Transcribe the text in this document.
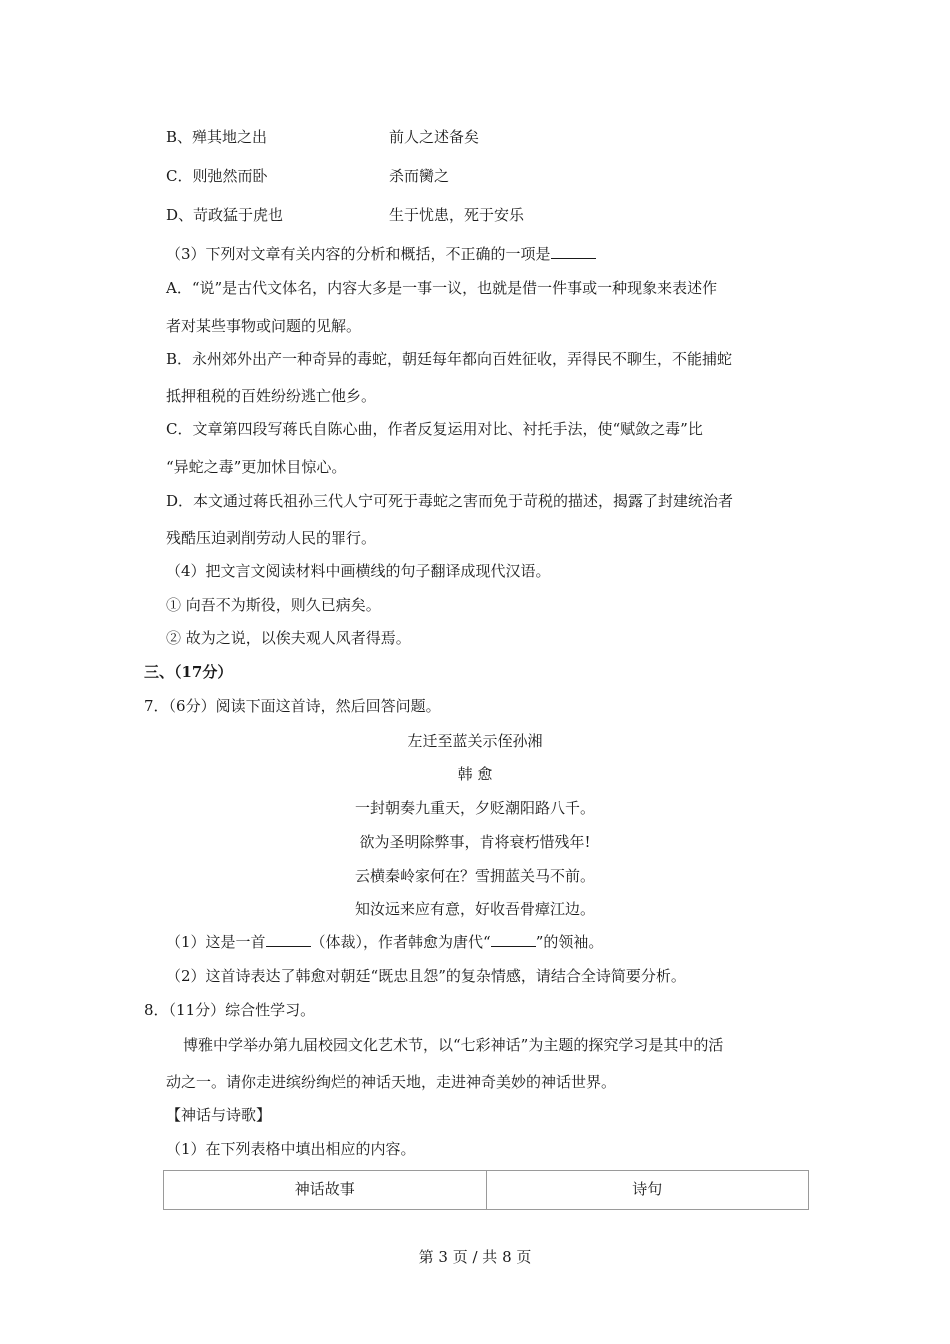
B、殚其地之出	前人之述备矣
C．则弛然而卧	杀而臠之
D、苛政猛于虎也	生于忧患，死于安乐
（3）下列对文章有关内容的分析和概括，不正确的一项是
A．“说”是古代文体名，内容大多是一事一议，也就是借一件事或一种现象来表述作
者对某些事物或问题的见解。
B．永州郊外出产一种奇异的毒蛇，朝廷每年都向百姓征收，弄得民不聊生，不能捕蛇
抵押租税的百姓纷纷逃亡他乡。
C．文章第四段写蒋氏自陈心曲，作者反复运用对比、衬托手法，使“赋敛之毒”比
“异蛇之毒”更加怵目惊心。
D．本文通过蒋氏祖孙三代人宁可死于毒蛇之害而免于苛税的描述，揭露了封建统治者
残酷压迫剥削劳动人民的罪行。
（4）把文言文阅读材料中画横线的句子翻译成现代汉语。
① 向吾不为斯役，则久已病矣。
② 故为之说，以俟夫观人风者得焉。
三、（17分）
7．（6分）阅读下面这首诗，然后回答问题。
左迁至蓝关示侄孙湘
韩 愈
一封朝奏九重天，夕贬潮阳路八千。
欲为圣明除弊事，肯将衰朽惜残年!
云横秦岭家何在？雪拥蓝关马不前。
知汝远来应有意，好收吾骨瘴江边。
（1）这是一首	（体裁），作者韩愈为唐代“	”的领袖。
（2）这首诗表达了韩愈对朝廷“既忠且怨”的复杂情感，请结合全诗简要分析。
8．（11分）综合性学习。
博雅中学举办第九届校园文化艺术节，以“七彩神话”为主题的探究学习是其中的活
动之一。请你走进缤纷绚烂的神话天地，走进神奇美妙的神话世界。
【神话与诗歌】
（1）在下列表格中填出相应的内容。
神话故事	诗句
第 3 页 / 共 8 页
